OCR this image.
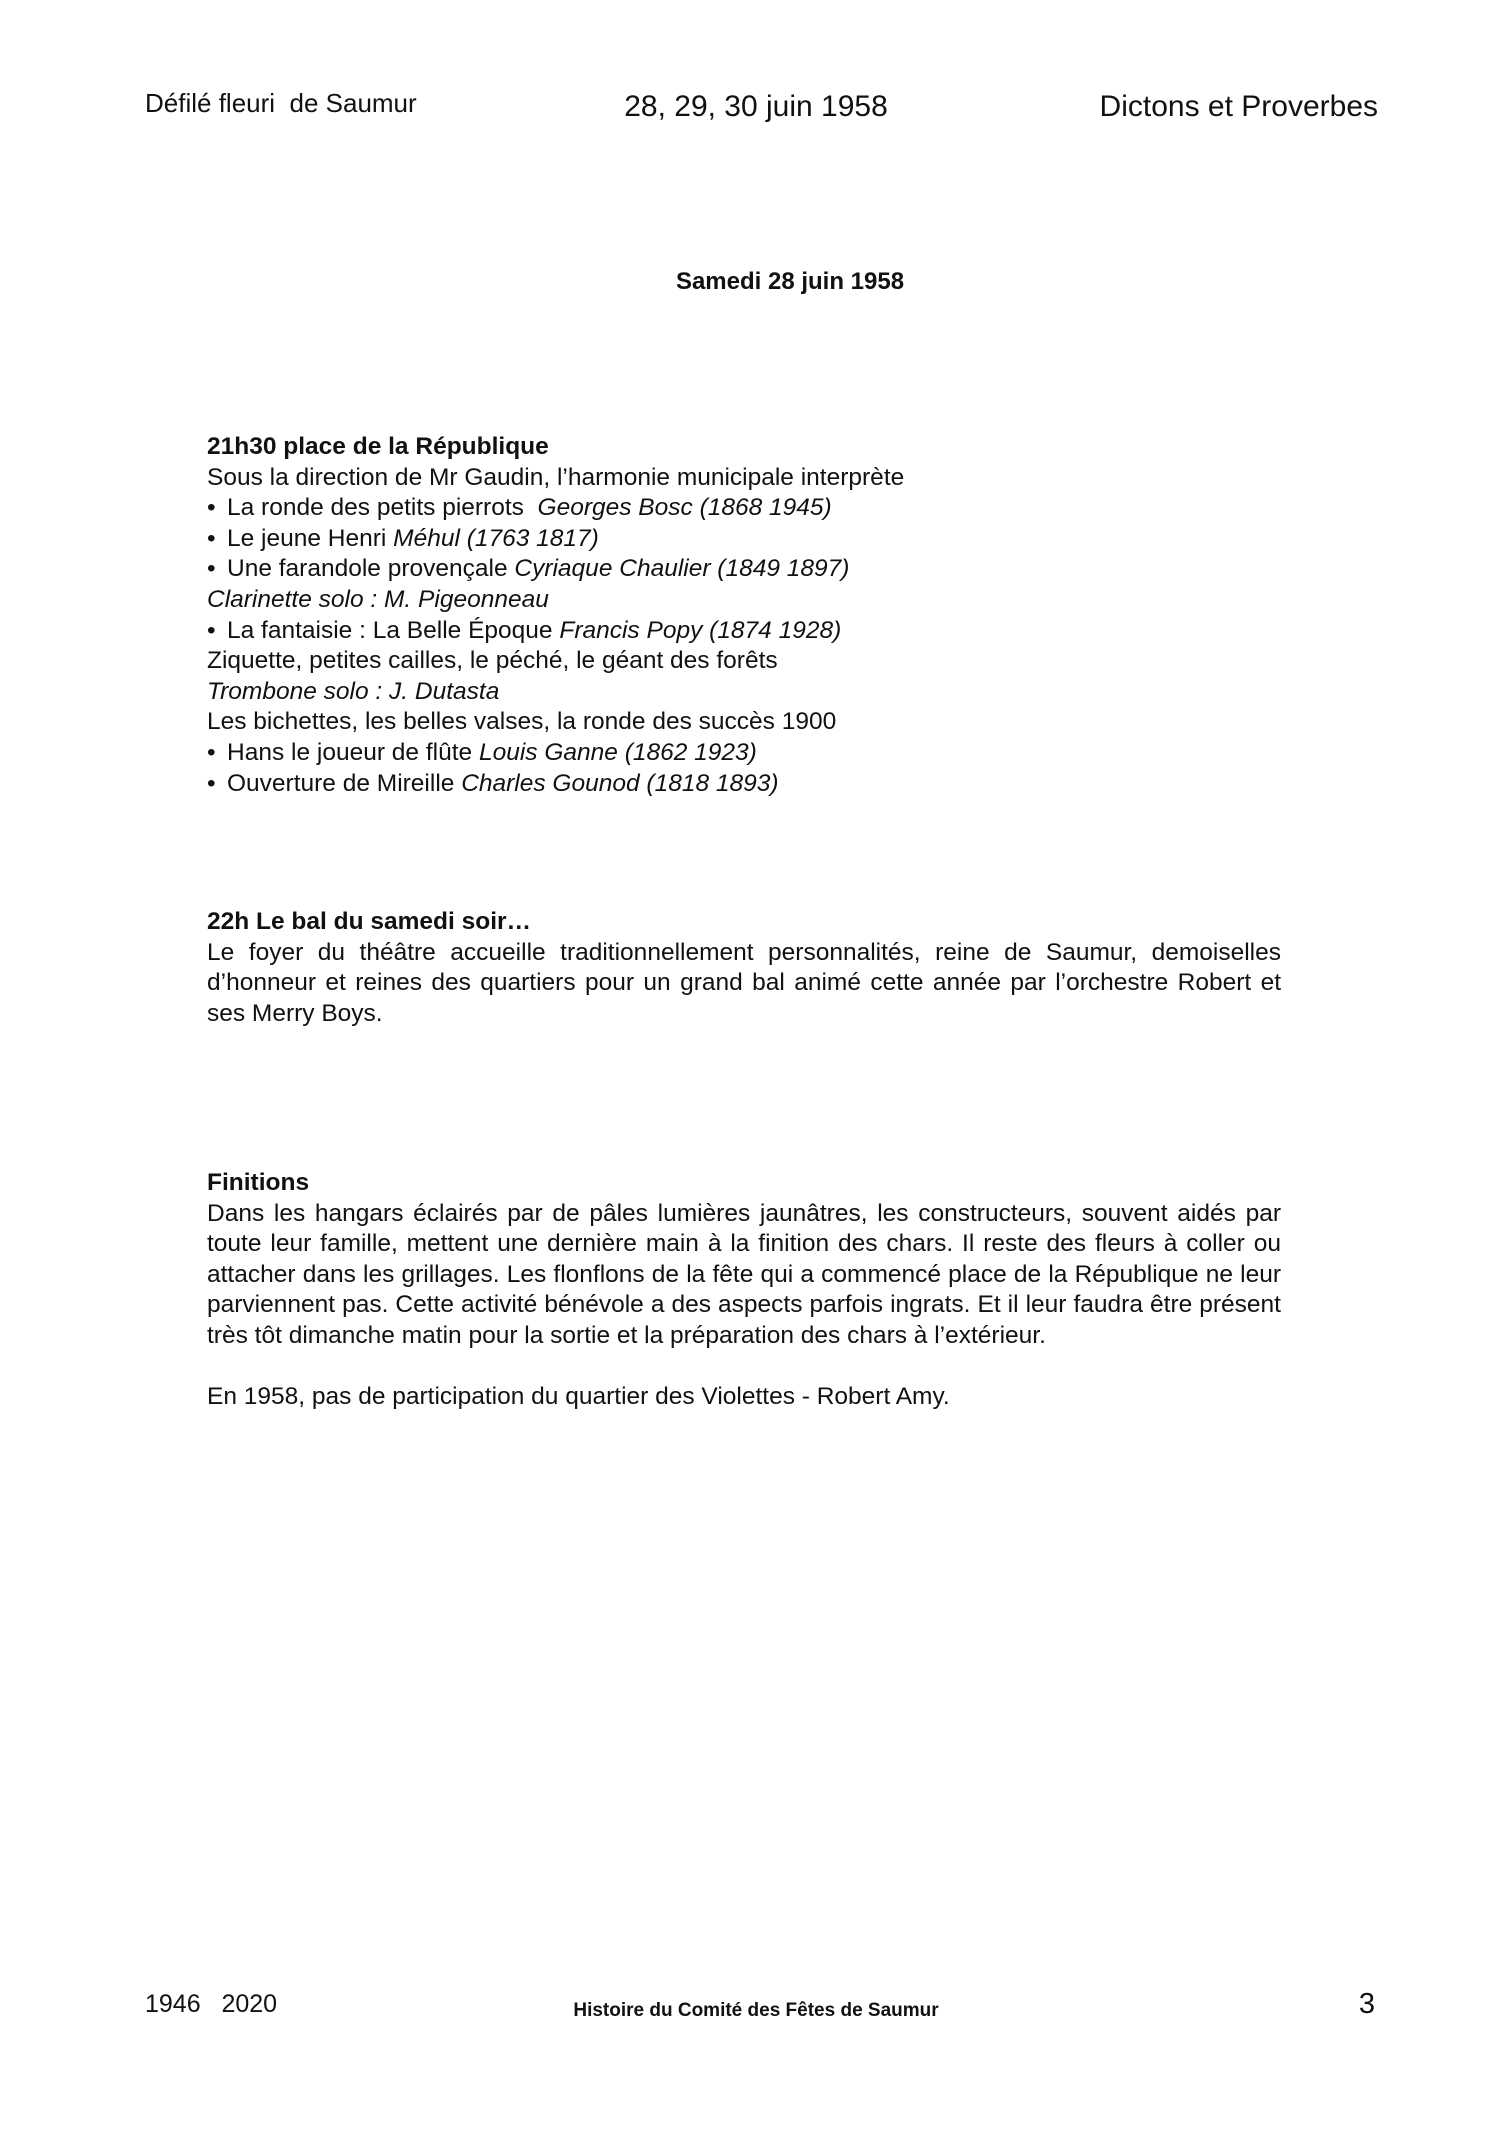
Défilé fleuri  de Saumur	28, 29, 30 juin 1958	Dictons et Proverbes
Samedi 28 juin 1958
21h30 place de la République
Sous la direction de Mr Gaudin, l’harmonie municipale interprète
• La ronde des petits pierrots  Georges Bosc (1868 1945)
• Le jeune Henri Méhul (1763 1817)
• Une farandole provençale Cyriaque Chaulier (1849 1897)
Clarinette solo : M. Pigeonneau
• La fantaisie : La Belle Époque Francis Popy (1874 1928)
Ziquette, petites cailles, le péché, le géant des forêts
Trombone solo : J. Dutasta
Les bichettes, les belles valses, la ronde des succès 1900
• Hans le joueur de flûte Louis Ganne (1862 1923)
• Ouverture de Mireille Charles Gounod (1818 1893)
22h Le bal du samedi soir…
Le foyer du théâtre accueille traditionnellement personnalités, reine de Saumur, demoiselles d’honneur et reines des quartiers pour un grand bal animé cette année par l’orchestre Robert et ses Merry Boys.
Finitions
Dans les hangars éclairés par de pâles lumières jaunâtres, les constructeurs, souvent aidés par toute leur famille, mettent une dernière main à la finition des chars. Il reste des fleurs à coller ou attacher dans les grillages. Les flonflons de la fête qui a commencé place de la République ne leur parviennent pas. Cette activité bénévole a des aspects parfois ingrats. Et il leur faudra être présent très tôt dimanche matin pour la sortie et la préparation des chars à l’extérieur.
En 1958, pas de participation du quartier des Violettes - Robert Amy.
1946   2020	Histoire du Comité des Fêtes de Saumur	3
